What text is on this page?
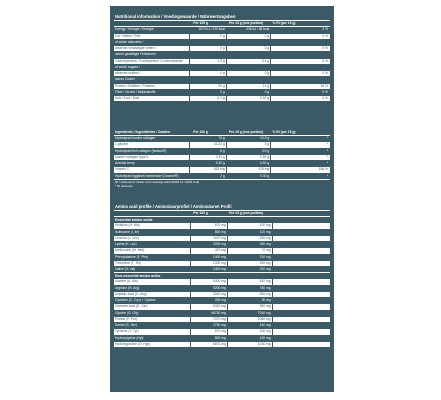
Nutritional information / Voedingswaarde / Nährwertangaben
Per 100 g	Per 15 g (one portion)	% RI (per 15 g)
Energy / Energie / Energie	1573 kJ / 370 kcal	236 kJ / 56 kcal	3 %
Fat / Vetten / Fett	0 g	0 g	0 %
of which saturates /
waarvan verzadigde vetten /	0 g	0 g	0 %
davon gesättigte Fettsäuren
Carbohydrates / Koolhydraten / Kohlenhydrate	2.5 g	0.4 g	0 %
of which sugars /
waarvan suikers /	0 g	0 g	0 %
davon Zucker
Protein / Eiwitten / Proteine	90 g	14 g	28 %
Fibre / Vezels / Ballaststoffe	0 g	0 g	0 %
Salt / Zout / Salz	0.1 g	0.02 g	0 %
Ingredients / Ingrediënten / Zutaten	Per 100 g	Per 15 g (one portion)	% RI (per 15 g)
Hydrolysed bovine collagen	70 g	10.5 g	*
L-glycine	33.33 g	5 g	*
Hydrolysed fish collagen (Naticol®)	6 g	0.9 g	*
Marine collagen type II	3.33 g	0.50 g	*
Acerola berry	3.33 g	0.50 g	*
Vitamin C	833 mg	125 mg	156 %
Hydrolysed eggshell membrane (Ovomet®)	2 g	0.30 g	*
RI = Reference intake of an average adult (8400 kJ / 2000 kcal)
* RI unknown
Amino acid profile / Aminozuurprofiel / Aminosäuren Profil
Per 100 g	Per 15 g (one portion)
Essential amino acids
Histidine (H, His)	670 mg	100 mg
Isoleucine (I, Ile)	800 mg	120 mg
Leucine (L, Leu)	1670 mg	250 mg
Lysine (K, Lys)	2200 mg	330 mg
Methionine (M, Met)	470 mg	70 mg
Phenylalanine (F, Phe)	1400 mg	210 mg
Threonine (T, Thr)	1330 mg	200 mg
Valine (V, Val)	1400 mg	210 mg
Non-essential amino acids
Alanine (A, Ala)	5400 mg	810 mg
Arginine (R, Arg)	5200 mg	780 mg
Aspartic Acid (D, Asp)	3330 mg	500 mg
Cysteine (C, Cys) + Cystine	200 mg	30 mg
Glutamic Acid (E, Glu)	6330 mg	950 mg
Glycine (G, Gly)	46730 mg	7010 mg
Proline (P, Pro)	7070 mg	1060 mg
Serine (S, Ser)	2730 mg	410 mg
Tyrosine (Y, Tyr)	670 mg	100 mg
Hydroxylysine (Hyl)	800 mg	120 mg
Hydroxyproline (O, Hyp)	6870 mg	1030 mg
